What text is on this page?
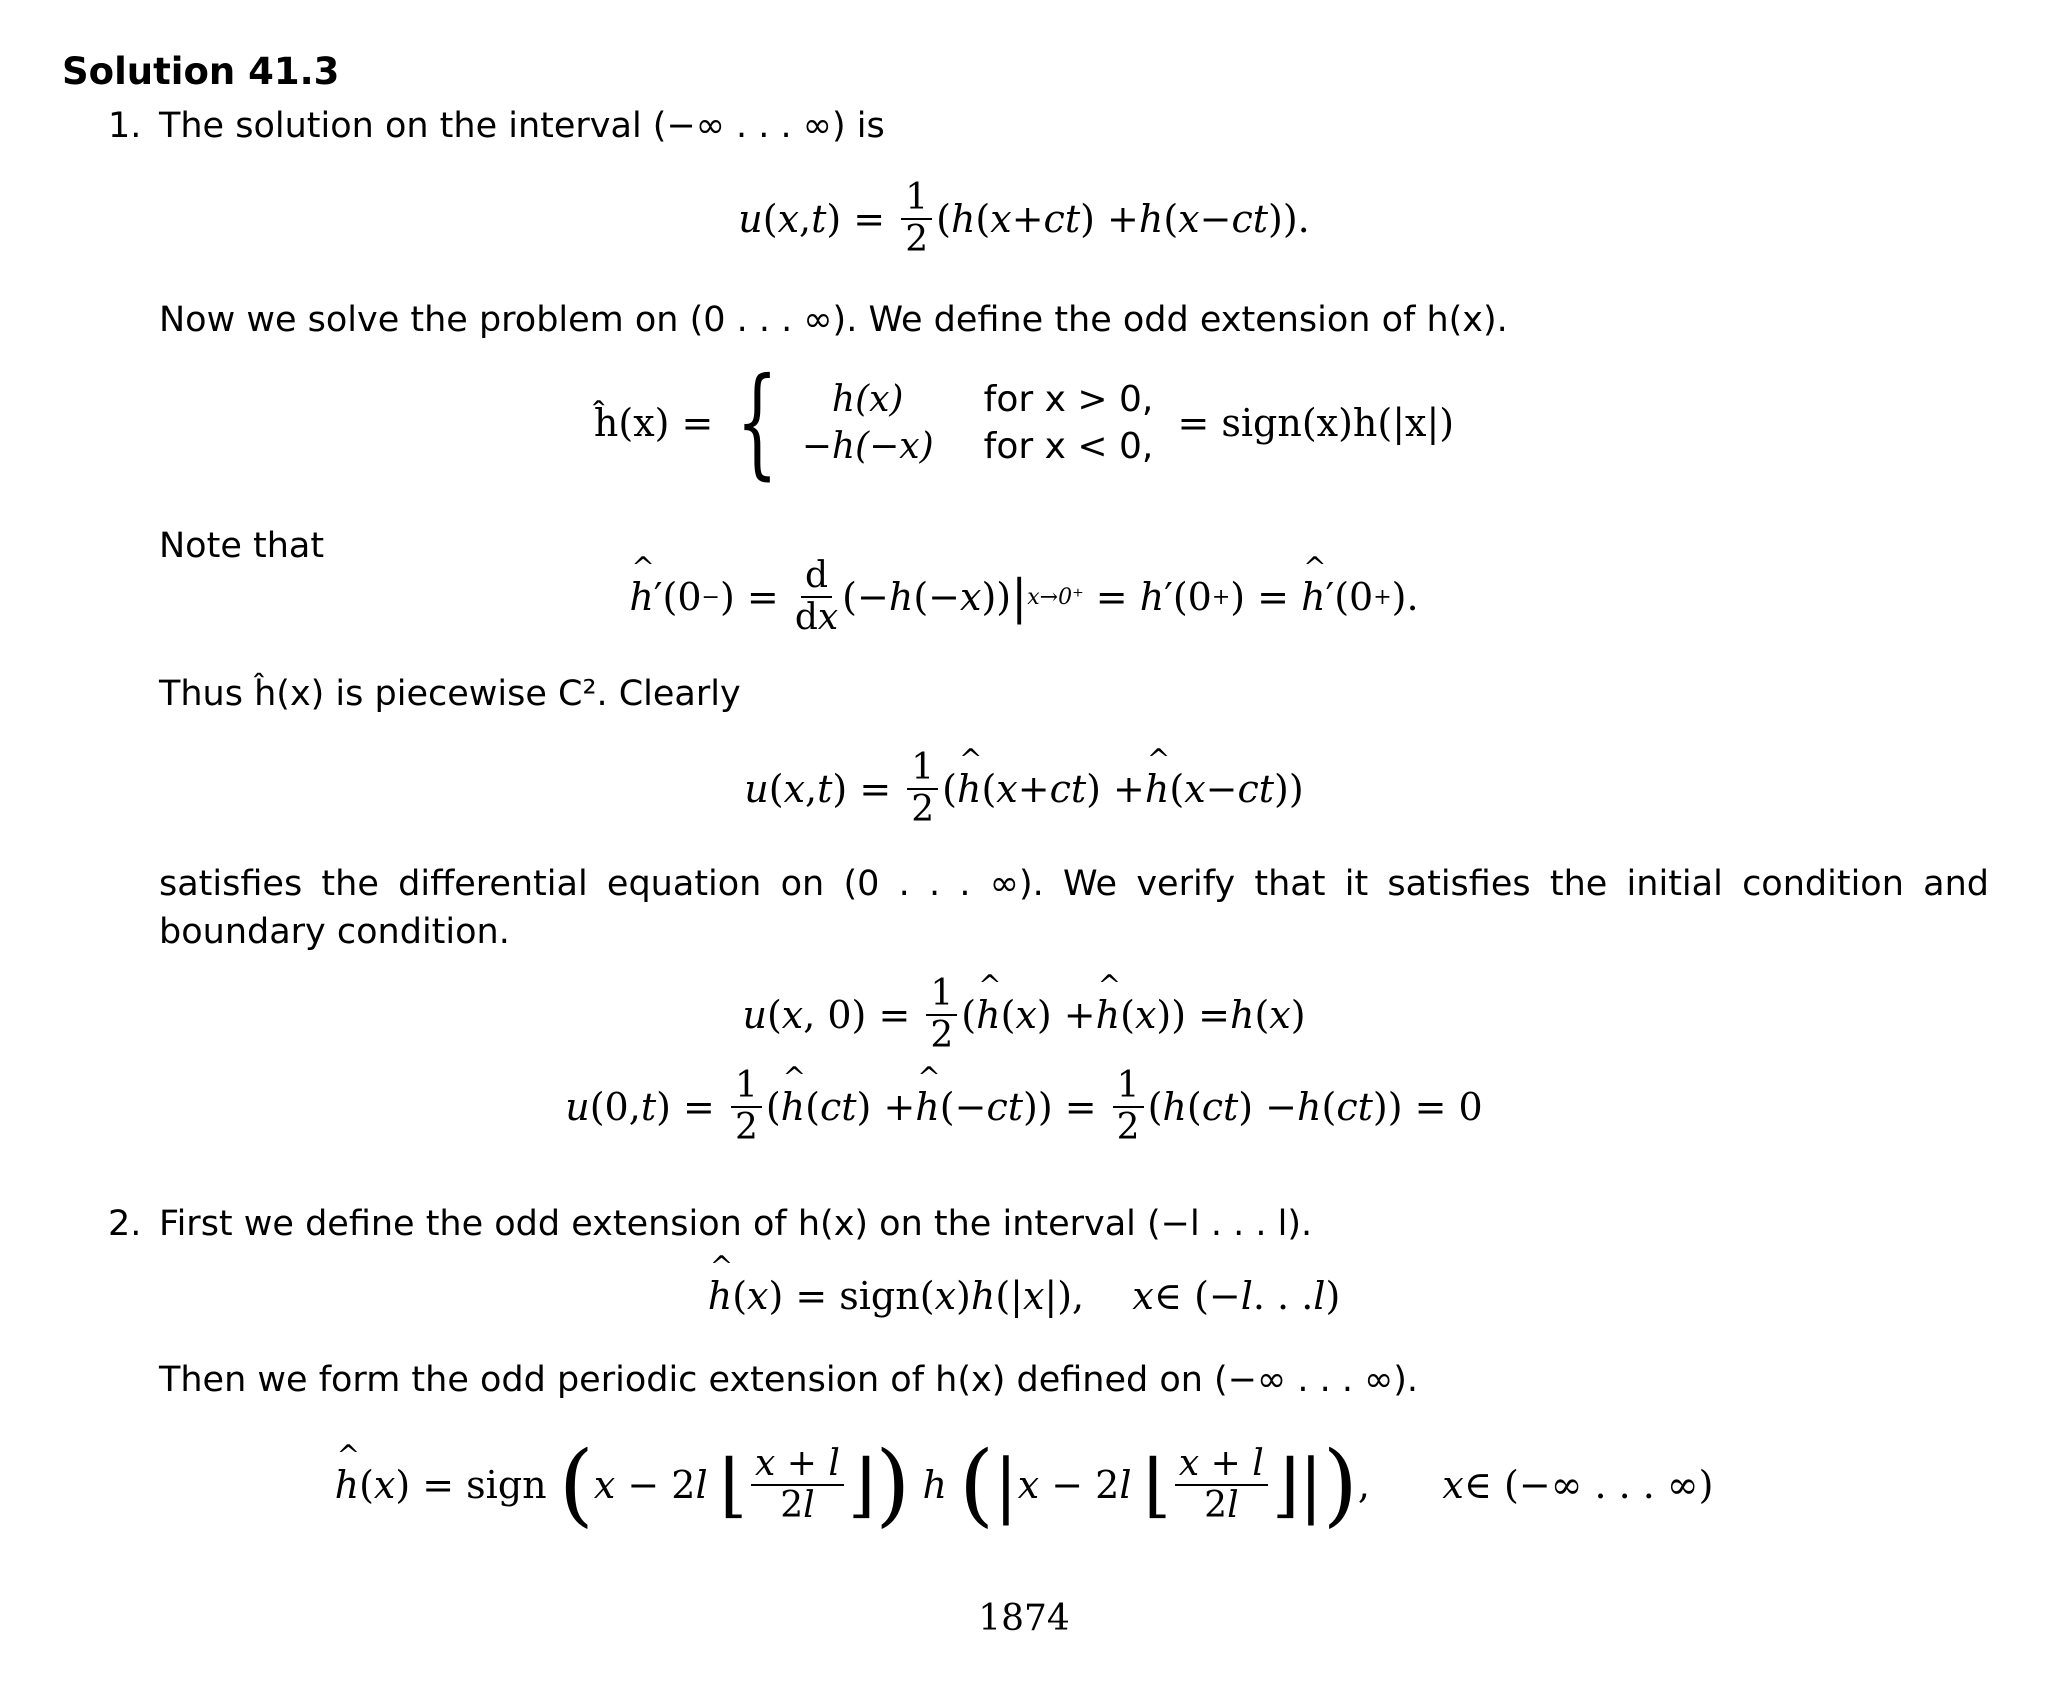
Solution 41.3
1. The solution on the interval (−∞ . . . ∞) is
u ( x , t ) = $\frac{1}{2}$ ( h ( x + ct ) + h ( x − ct )).
Now we solve the problem on (0 . . . ∞). We define the odd extension of h(x).
ĥ(x) = {	h(x)	for x > 0,
−h(−x) for x < 0,

= sign(x)h(|x|)
Note that
^ h ′(0 − ) = $\frac{d}{dx}$ (− h (− x )) | x→0⁺ = h ′(0 + ) = ^ h ′(0 + ).
Thus ĥ(x) is piecewise C². Clearly
u ( x , t ) = $\frac{1}{2}$ ( ^ h ( x + ct ) + ^ h ( x − ct ))
satisfies the differential equation on (0 . . . ∞). We verify that it satisfies the initial condition and boundary condition.
u ( x , $0) = \frac{1}{2}$ ( ^ h ( x ) + ^ h ( x )) = h ( x )
u (0, t ) = $\frac{1}{2}$ ( ^ h ( ct ) + ^ h (− ct )) = $\frac{1}{2}$ ( h ( ct ) − h ( ct )) = 0
2. First we define the odd extension of h(x) on the interval (−l . . . l).
^ h ( x ) = sign( x ) h (| x |), x ∈ (− l . . . l )
Then we form the odd periodic extension of h(x) defined on (−∞ . . . ∞).
^ h ( x ) = sign ( x − 2 l
⌊ $\frac{x + l}{2l}$ ⌋ )
h
( | x − 2 l
⌊ $\frac{x + l}{2l}$ ⌋ | ) , x ∈ (−∞ . . . ∞)
1874
